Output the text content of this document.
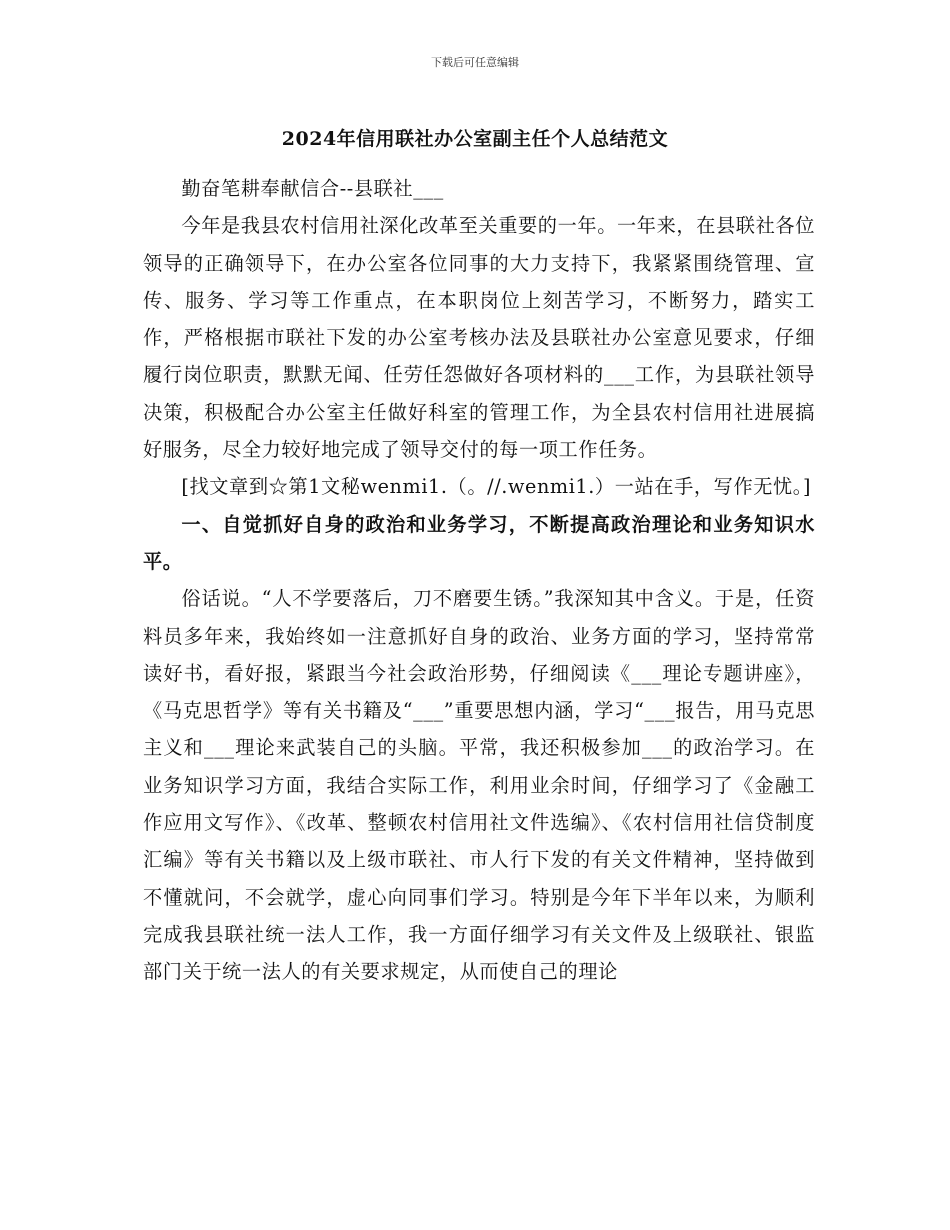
下载后可任意编辑
2024年信用联社办公室副主任个人总结范文

勤奋笔耕奉献信合--县联社___

今年是我县农村信用社深化改革至关重要的一年。一年来，在县联社各位领导的正确领导下，在办公室各位同事的大力支持下，我紧紧围绕管理、宣传、服务、学习等工作重点，在本职岗位上刻苦学习，不断努力，踏实工作，严格根据市联社下发的办公室考核办法及县联社办公室意见要求，仔细履行岗位职责，默默无闻、任劳任怨做好各项材料的___工作，为县联社领导决策，积极配合办公室主任做好科室的管理工作，为全县农村信用社进展搞好服务，尽全力较好地完成了领导交付的每一项工作任务。

[找文章到☆第1文秘wenmi1.（。//.wenmi1.）一站在手，写作无忧。]

一、自觉抓好自身的政治和业务学习，不断提高政治理论和业务知识水平。

俗话说。“人不学要落后，刀不磨要生锈。”我深知其中含义。于是，任资料员多年来，我始终如一注意抓好自身的政治、业务方面的学习，坚持常常读好书，看好报，紧跟当今社会政治形势，仔细阅读《___理论专题讲座》，《马克思哲学》等有关书籍及“___”重要思想内涵，学习“___报告，用马克思主义和___理论来武装自己的头脑。平常，我还积极参加___的政治学习。在业务知识学习方面，我结合实际工作，利用业余时间，仔细学习了《金融工作应用文写作》、《改革、整顿农村信用社文件选编》、《农村信用社信贷制度汇编》等有关书籍以及上级市联社、市人行下发的有关文件精神，坚持做到不懂就问，不会就学，虚心向同事们学习。特别是今年下半年以来，为顺利完成我县联社统一法人工作，我一方面仔细学习有关文件及上级联社、银监部门关于统一法人的有关要求规定，从而使自己的理论
